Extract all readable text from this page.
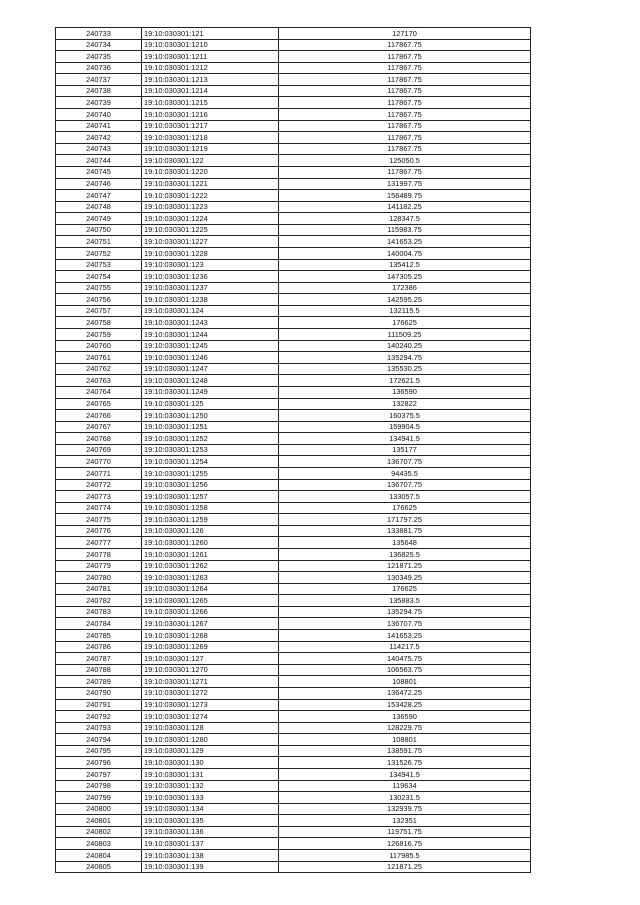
240733	19:10:030301:121	127170
240734	19:10:030301:1210	117867.75
240735	19:10:030301:1211	117867.75
240736	19:10:030301:1212	117867.75
240737	19:10:030301:1213	117867.75
240738	19:10:030301:1214	117867.75
240739	19:10:030301:1215	117867.75
240740	19:10:030301:1216	117867.75
240741	19:10:030301:1217	117867.75
240742	19:10:030301:1218	117867.75
240743	19:10:030301:1219	117867.75
240744	19:10:030301:122	125050.5
240745	19:10:030301:1220	117867.75
240746	19:10:030301:1221	131997.75
240747	19:10:030301:1222	156489.75
240748	19:10:030301:1223	141182.25
240749	19:10:030301:1224	128347.5
240750	19:10:030301:1225	115983.75
240751	19:10:030301:1227	141653.25
240752	19:10:030301:1228	140004.75
240753	19:10:030301:123	135412.5
240754	19:10:030301:1236	147305.25
240755	19:10:030301:1237	172386
240756	19:10:030301:1238	142595.25
240757	19:10:030301:124	132115.5
240758	19:10:030301:1243	176625
240759	19:10:030301:1244	111509.25
240760	19:10:030301:1245	140240.25
240761	19:10:030301:1246	135294.75
240762	19:10:030301:1247	135530.25
240763	19:10:030301:1248	172621.5
240764	19:10:030301:1249	136590
240765	19:10:030301:125	132822
240766	19:10:030301:1250	160375.5
240767	19:10:030301:1251	159904.5
240768	19:10:030301:1252	134941.5
240769	19:10:030301:1253	135177
240770	19:10:030301:1254	136707.75
240771	19:10:030301:1255	94435.5
240772	19:10:030301:1256	136707.75
240773	19:10:030301:1257	133057.5
240774	19:10:030301:1258	176625
240775	19:10:030301:1259	171797.25
240776	19:10:030301:126	133881.75
240777	19:10:030301:1260	135648
240778	19:10:030301:1261	136825.5
240779	19:10:030301:1262	121871.25
240780	19:10:030301:1263	130349.25
240781	19:10:030301:1264	176625
240782	19:10:030301:1265	135883.5
240783	19:10:030301:1266	135294.75
240784	19:10:030301:1267	136707.75
240785	19:10:030301:1268	141653.25
240786	19:10:030301:1269	114217.5
240787	19:10:030301:127	140475.75
240788	19:10:030301:1270	106563.75
240789	19:10:030301:1271	108801
240790	19:10:030301:1272	136472.25
240791	19:10:030301:1273	153428.25
240792	19:10:030301:1274	136590
240793	19:10:030301:128	128229.75
240794	19:10:030301:1280	108801
240795	19:10:030301:129	138591.75
240796	19:10:030301:130	131526.75
240797	19:10:030301:131	134941.5
240798	19:10:030301:132	119634
240799	19:10:030301:133	130231.5
240800	19:10:030301:134	132939.75
240801	19:10:030301:135	132351
240802	19:10:030301:136	119751.75
240803	19:10:030301:137	126816.75
240804	19:10:030301:138	117985.5
240805	19:10:030301:139	121871.25
